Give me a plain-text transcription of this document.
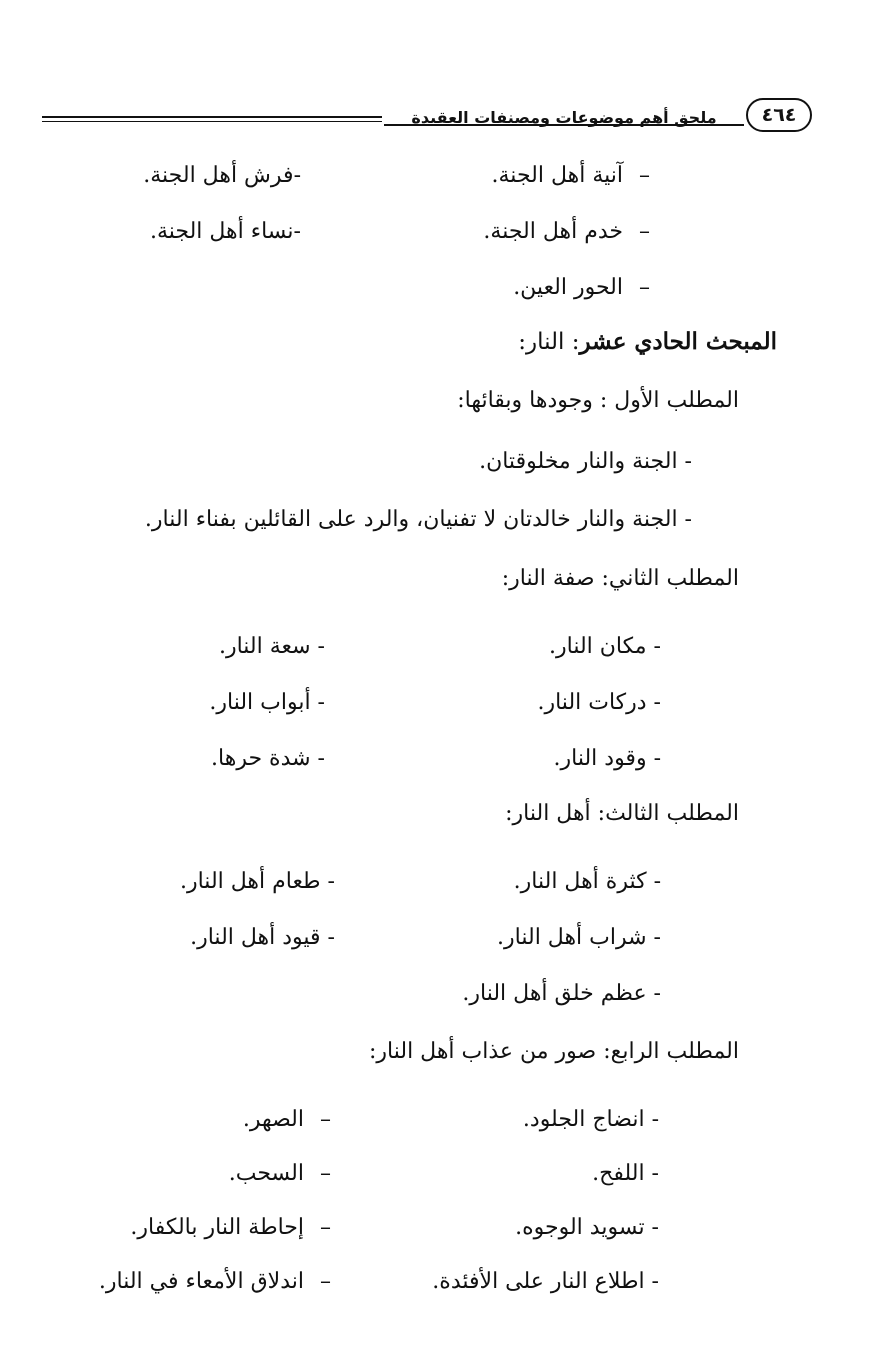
ملحق أهم موضوعات ومصنفات العقيدة	٤٦٤
–آنية أهل الجنة.
-فرش أهل الجنة.
–خدم أهل الجنة.
-نساء أهل الجنة.
–الحور العين.
المبحث الحادي عشر: النار:
المطلب الأول : وجودها وبقائها:
- الجنة والنار مخلوقتان.
- الجنة والنار خالدتان لا تفنيان، والرد على القائلين بفناء النار.
المطلب الثاني: صفة النار:
- مكان النار.
- سعة النار.
- دركات النار.
- أبواب النار.
- وقود النار.
- شدة حرها.
المطلب الثالث: أهل النار:
- كثرة أهل النار.
- طعام أهل النار.
- شراب أهل النار.
- قيود أهل النار.
- عظم خلق أهل النار.
المطلب الرابع: صور من عذاب أهل النار:
- انضاج الجلود.
–الصهر.
- اللفح.
–السحب.
- تسويد الوجوه.
–إحاطة النار بالكفار.
- اطلاع النار على الأفئدة.
–اندلاق الأمعاء في النار.
